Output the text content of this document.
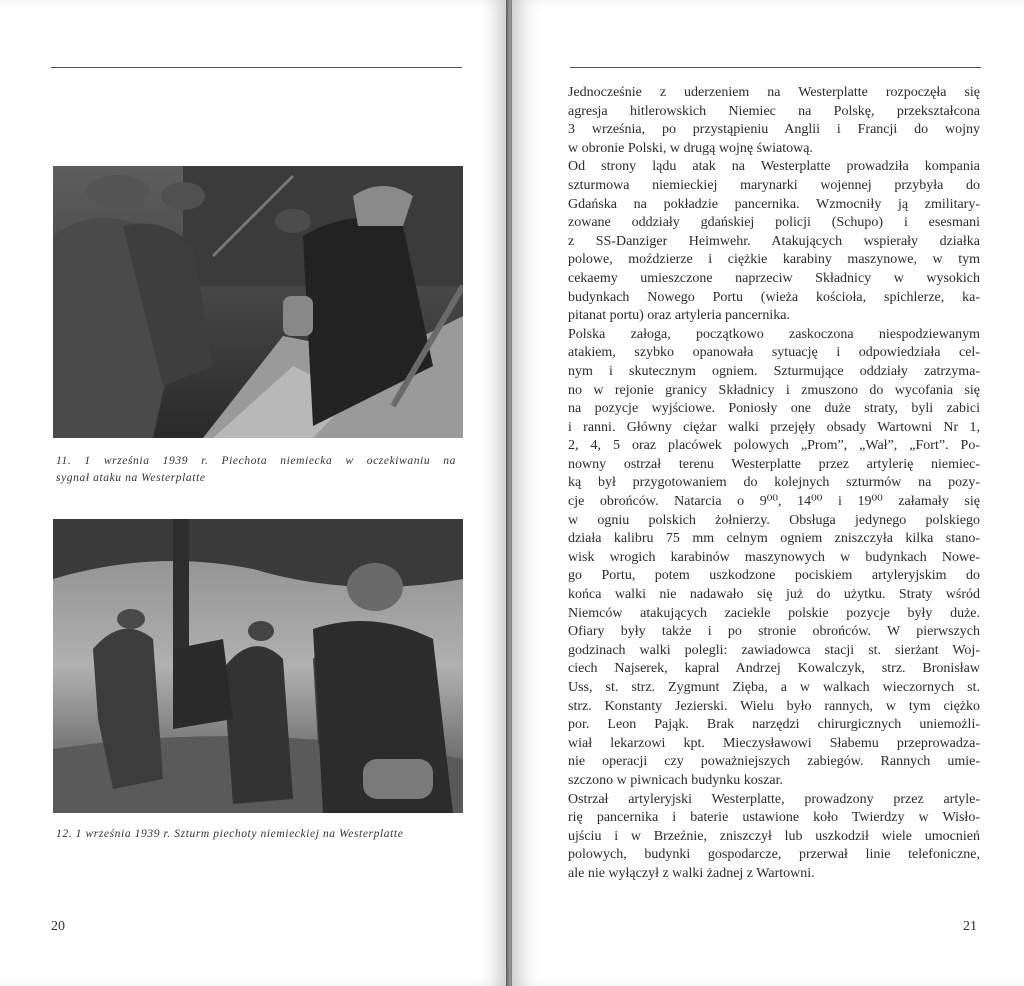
11. 1 września 1939 r. Piechota niemiecka w oczekiwaniu na
sygnał ataku na Westerplatte
12. 1 września 1939 r. Szturm piechoty niemieckiej na Westerplatte
20	21
Jednocześnie z uderzeniem na Westerplatte rozpoczęła się
agresja hitlerowskich Niemiec na Polskę, przekształcona
3 września, po przystąpieniu Anglii i Francji do wojny
w obronie Polski, w drugą wojnę światową.
Od strony lądu atak na Westerplatte prowadziła kompania
szturmowa niemieckiej marynarki wojennej przybyła do
Gdańska na pokładzie pancernika. Wzmocniły ją zmilitary-
zowane oddziały gdańskiej policji (Schupo) i esesmani
z SS-Danziger Heimwehr. Atakujących wspierały działka
polowe, moździerze i ciężkie karabiny maszynowe, w tym
cekaemy umieszczone naprzeciw Składnicy w wysokich
budynkach Nowego Portu (wieża kościoła, spichlerze, ka-
pitanat portu) oraz artyleria pancernika.
Polska załoga, początkowo zaskoczona niespodziewanym
atakiem, szybko opanowała sytuację i odpowiedziała cel-
nym i skutecznym ogniem. Szturmujące oddziały zatrzyma-
no w rejonie granicy Składnicy i zmuszono do wycofania się
na pozycje wyjściowe. Poniosły one duże straty, byli zabici
i ranni. Główny ciężar walki przejęły obsady Wartowni Nr 1,
2, 4, 5 oraz placówek polowych „Prom”, „Wał”, „Fort”. Po-
nowny ostrzał terenu Westerplatte przez artylerię niemiec-
ką był przygotowaniem do kolejnych szturmów na pozy-
cje obrońców. Natarcia o 9⁰⁰, 14⁰⁰ i 19⁰⁰ załamały się
w ogniu polskich żołnierzy. Obsługa jedynego polskiego
działa kalibru 75 mm celnym ogniem zniszczyła kilka stano-
wisk wrogich karabinów maszynowych w budynkach Nowe-
go Portu, potem uszkodzone pociskiem artyleryjskim do
końca walki nie nadawało się już do użytku. Straty wśród
Niemców atakujących zaciekle polskie pozycje były duże.
Ofiary były także i po stronie obrońców. W pierwszych
godzinach walki polegli: zawiadowca stacji st. sierżant Woj-
ciech Najserek, kapral Andrzej Kowalczyk, strz. Bronisław
Uss, st. strz. Zygmunt Zięba, a w walkach wieczornych st.
strz. Konstanty Jezierski. Wielu było rannych, w tym ciężko
por. Leon Pająk. Brak narzędzi chirurgicznych uniemożli-
wiał lekarzowi kpt. Mieczysławowi Słabemu przeprowadza-
nie operacji czy poważniejszych zabiegów. Rannych umie-
szczono w piwnicach budynku koszar.
Ostrzał artyleryjski Westerplatte, prowadzony przez artyle-
rię pancernika i baterie ustawione koło Twierdzy w Wisło-
ujściu i w Brzeźnie, zniszczył lub uszkodził wiele umocnień
polowych, budynki gospodarcze, przerwał linie telefoniczne,
ale nie wyłączył z walki żadnej z Wartowni.
